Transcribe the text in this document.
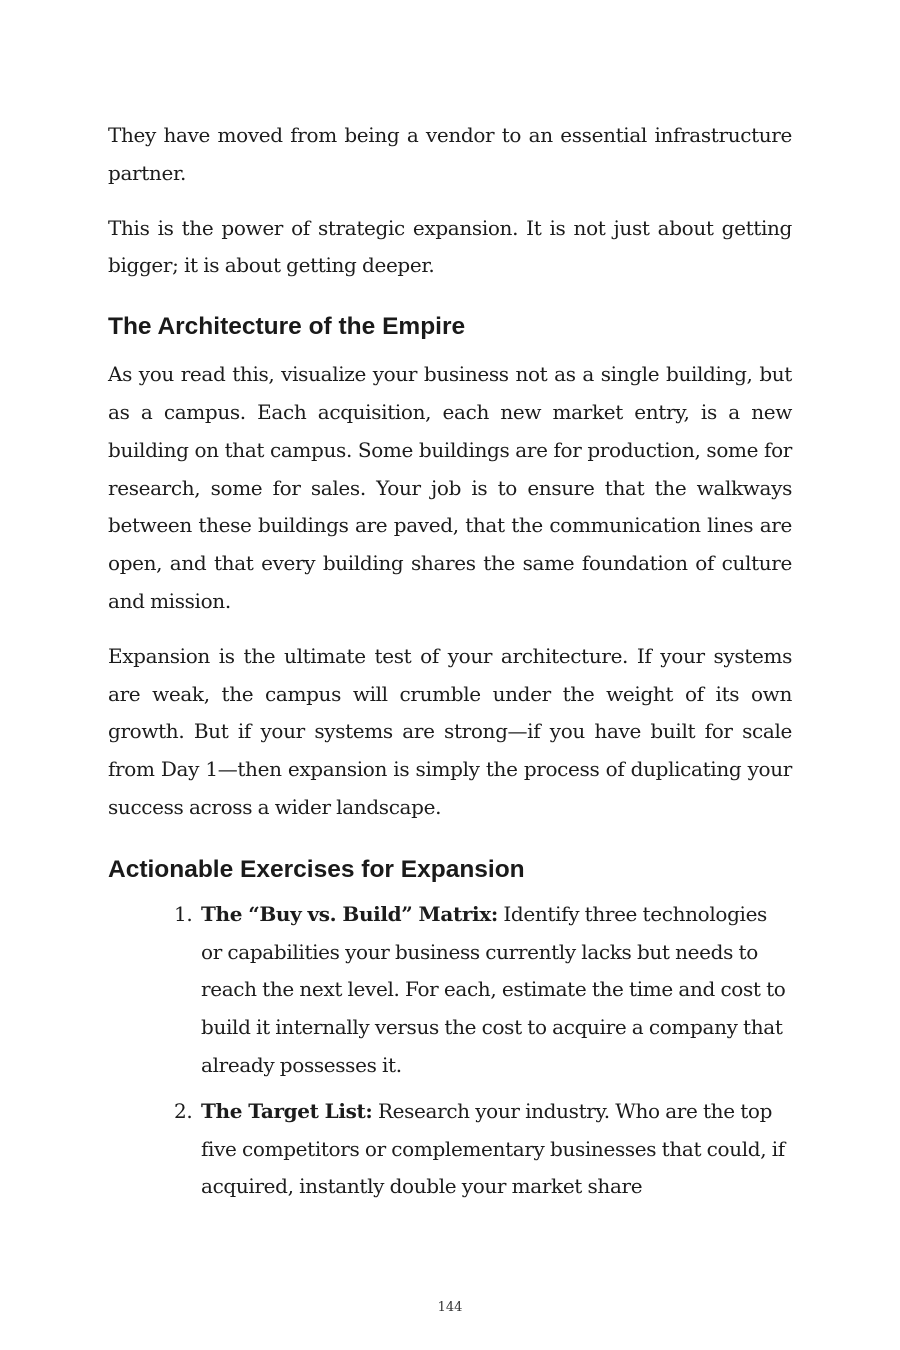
They have moved from being a vendor to an essential infrastructure partner.

This is the power of strategic expansion. It is not just about getting bigger; it is about getting deeper.

The Architecture of the Empire

As you read this, visualize your business not as a single building, but as a campus. Each acquisition, each new market entry, is a new building on that campus. Some buildings are for production, some for research, some for sales. Your job is to ensure that the walkways between these buildings are paved, that the communication lines are open, and that every building shares the same foundation of culture and mission.

Expansion is the ultimate test of your architecture. If your systems are weak, the campus will crumble under the weight of its own growth. But if your systems are strong—if you have built for scale from Day 1—then expansion is simply the process of duplicating your success across a wider landscape.

Actionable Exercises for Expansion
1. The “Buy vs. Build” Matrix: Identify three technologies or capabilities your business currently lacks but needs to reach the next level. For each, estimate the time and cost to build it internally versus the cost to acquire a company that already possesses it.
2. The Target List: Research your industry. Who are the top five competitors or complementary businesses that could, if acquired, instantly double your market share
144
